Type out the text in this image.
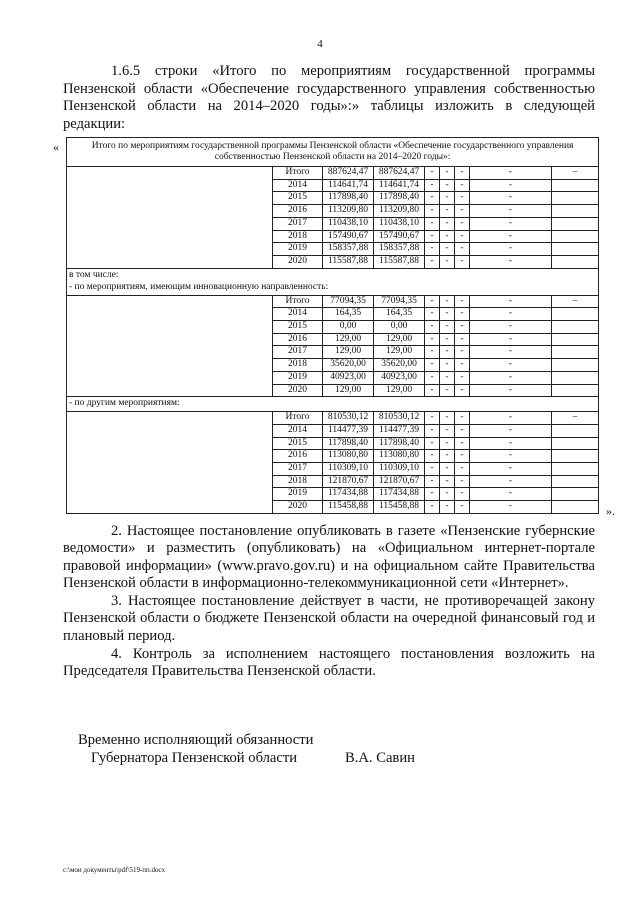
4
1.6.5 строки «Итого по мероприятиям государственной программы
Пензенской области «Обеспечение государственного управления собственностью
Пензенской области на 2014–2020 годы»:» таблицы изложить в следующей
редакции:
«	Итого по мероприятиям государственной программы Пензенской области «Обеспечение государственного управления собственностью Пензенской области на 2014–2020 годы»:								
	Итого	887624,47	887624,47	-	-	-	-	–
	2014	114641,74	114641,74	-	-	-	-	
	2015	117898,40	117898,40	-	-	-	-	
	2016	113209,80	113209,80	-	-	-	-	
	2017	110438,10	110438,10	-	-	-	-	
	2018	157490,67	157490,67	-	-	-	-	
	2019	158357,88	158357,88	-	-	-	-	
	2020	115587,88	115587,88	-	-	-	-	

в том числе:
- по мероприятиям, имеющим инновационную направленность:								

	Итого	77094,35	77094,35	-	-	-	-	–
	2014	164,35	164,35	-	-	-	-	
	2015	0,00	0,00	-	-	-	-	
	2016	129,00	129,00	-	-	-	-	
	2017	129,00	129,00	-	-	-	-	
	2018	35620,00	35620,00	-	-	-	-	
	2019	40923,00	40923,00	-	-	-	-	
	2020	129,00	129,00	-	-	-	-	
- по другим мероприятиям:								
	Итого	810530,12	810530,12	-	-	-	-	–
	2014	114477,39	114477,39	-	-	-	-	
	2015	117898,40	117898,40	-	-	-	-	
	2016	113080,80	113080,80	-	-	-	-	
	2017	110309,10	110309,10	-	-	-	-	
	2018	121870,67	121870,67	-	-	-	-	
	2019	117434,88	117434,88	-	-	-	-	
	2020	115458,88	115458,88	-	-	-	-		».
2. Настоящее постановление опубликовать в газете «Пензенские губернские ведомости» и разместить (опубликовать) на «Официальном интернет-портале правовой информации» (www.pravo.gov.ru) и на официальном сайте Правительства Пензенской области в информационно-телекоммуникационной сети «Интернет».
3. Настоящее постановление действует в части, не противоречащей закону Пензенской области о бюджете Пензенской области на очередной финансовый год и плановый период.
4. Контроль за исполнением настоящего постановления возложить на Председателя Правительства Пензенской области.
Временно исполняющий обязанности
Губернатора Пензенской области	В.А. Савин
c:\мои документы\pdf\519-пп.docx
